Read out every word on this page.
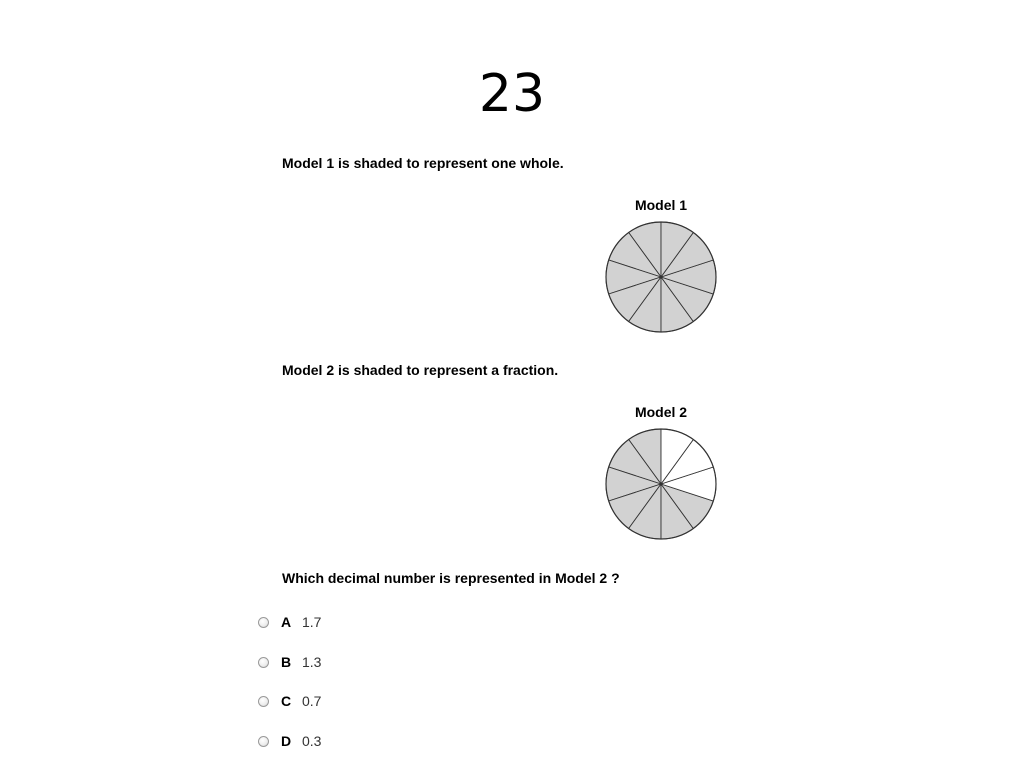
23
Model 1 is shaded to represent one whole.
Model 1
Model 2 is shaded to represent a fraction.
Model 2
Which decimal number is represented in Model 2 ?
A 1.7
B 1.3
C 0.7
D 0.3
